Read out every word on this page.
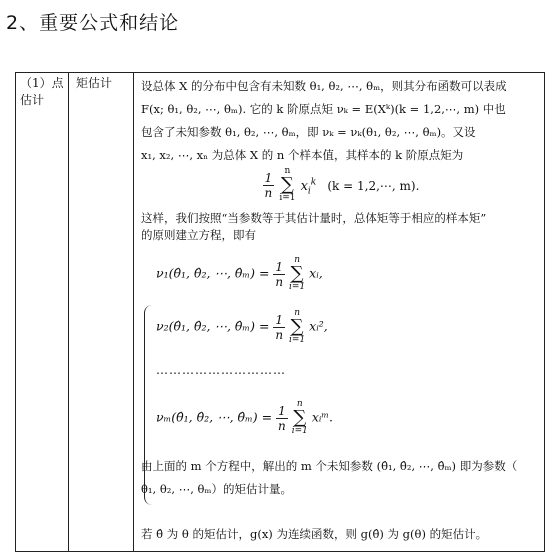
2、重要公式和结论
（1）点估计
矩估计	设总体 X 的分布中包含有未知数 θ₁, θ₂, ⋯, θₘ，则其分布函数可以表成
F(x; θ₁, θ₂, ⋯, θₘ). 它的 k 阶原点矩 νₖ = E(Xᵏ)(k = 1,2,⋯, m) 中也
包含了未知参数 θ₁, θ₂, ⋯, θₘ，即 νₖ = νₖ(θ₁, θ₂, ⋯, θₘ)。又设
x₁, x₂, ⋯, xₙ 为总体 X 的 n 个样本值，其样本的 k 阶原点矩为
$\frac{1}{n}$ n
∑
i=1 $x_i^k$ (k = 1,2,⋯, m).
这样，我们按照“当参数等于其估计量时，总体矩等于相应的样本矩”
的原则建立方程，即有
ν₁(θ̂₁, θ̂₂, ⋯, θ̂ₘ) = $\frac{1}{n}$ n
∑
i=1 xᵢ,
ν₂(θ̂₁, θ̂₂, ⋯, θ̂ₘ) = $\frac{1}{n}$ n
∑
i=1 xᵢ²,
…………………………
νₘ(θ̂₁, θ̂₂, ⋯, θ̂ₘ) = $\frac{1}{n}$ n
∑
i=1 xᵢᵐ.
由上面的 m 个方程中，解出的 m 个未知参数 (θ̂₁, θ̂₂, ⋯, θ̂ₘ) 即为参数（
θ₁, θ₂, ⋯, θₘ）的矩估计量。
若 θ̂ 为 θ 的矩估计，g(x) 为连续函数，则 g(θ̂) 为 g(θ) 的矩估计。
